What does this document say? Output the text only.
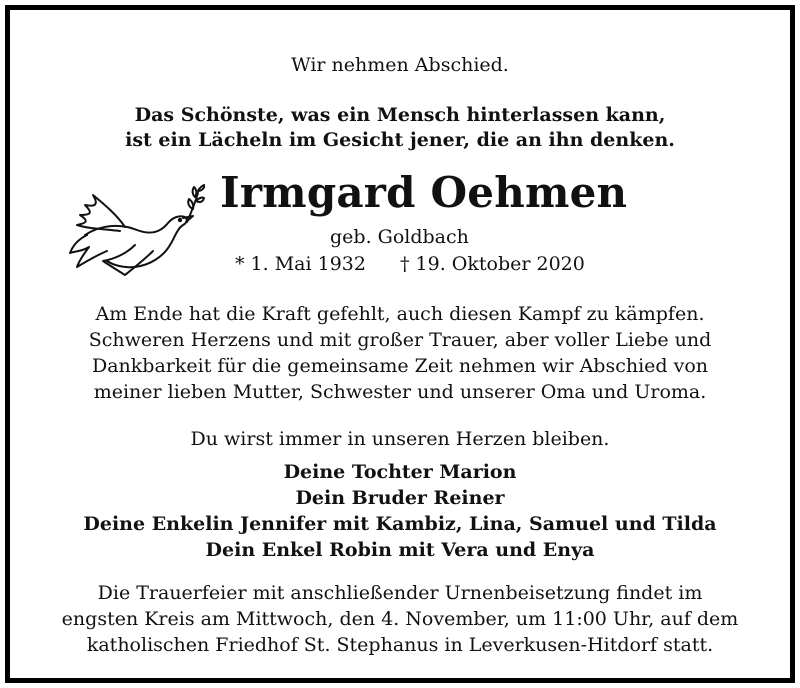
Wir nehmen Abschied.
Das Schönste, was ein Mensch hinterlassen kann,
ist ein Lächeln im Gesicht jener, die an ihn denken.
Irmgard Oehmen
geb. Goldbach
* 1. Mai 1932 † 19. Oktober 2020
Am Ende hat die Kraft gefehlt, auch diesen Kampf zu kämpfen.
Schweren Herzens und mit großer Trauer, aber voller Liebe und
Dankbarkeit für die gemeinsame Zeit nehmen wir Abschied von
meiner lieben Mutter, Schwester und unserer Oma und Uroma.
Du wirst immer in unseren Herzen bleiben.
Deine Tochter Marion
Dein Bruder Reiner
Deine Enkelin Jennifer mit Kambiz, Lina, Samuel und Tilda
Dein Enkel Robin mit Vera und Enya
Die Trauerfeier mit anschließender Urnenbeisetzung findet im
engsten Kreis am Mittwoch, den 4. November, um 11:00 Uhr, auf dem
katholischen Friedhof St. Stephanus in Leverkusen-Hitdorf statt.
